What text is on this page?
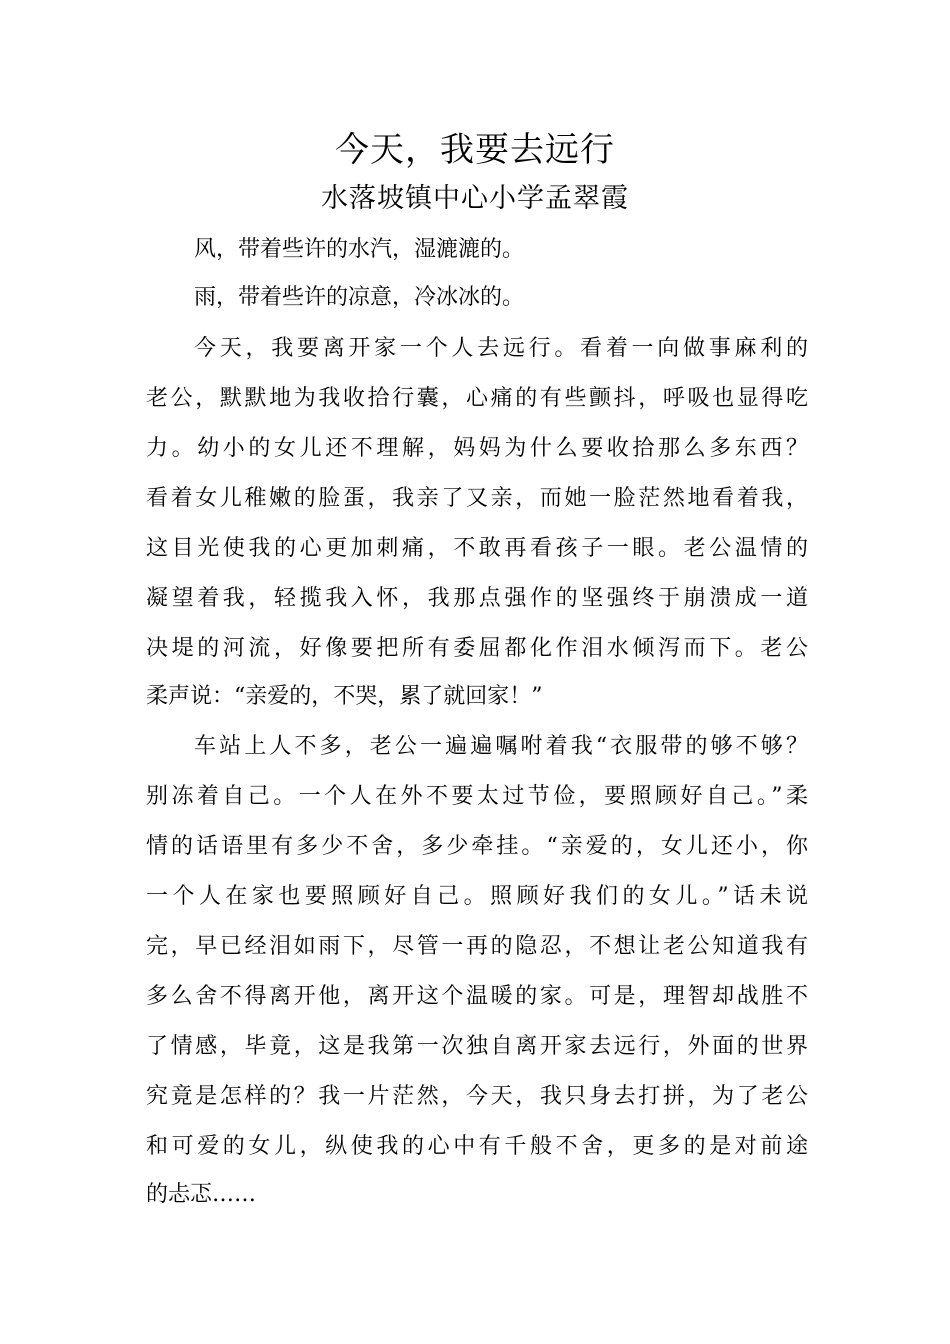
今天，我要去远行
水落坡镇中心小学孟翠霞
风，带着些许的水汽，湿漉漉的。
雨，带着些许的凉意，冷冰冰的。
今天，我要离开家一个人去远行。看着一向做事麻利的
老公，默默地为我收拾行囊，心痛的有些颤抖，呼吸也显得吃
力。幼小的女儿还不理解，妈妈为什么要收拾那么多东西？
看着女儿稚嫩的脸蛋，我亲了又亲，而她一脸茫然地看着我，
这目光使我的心更加刺痛，不敢再看孩子一眼。老公温情的
凝望着我，轻揽我入怀，我那点强作的坚强终于崩溃成一道
决堤的河流，好像要把所有委屈都化作泪水倾泻而下。老公
柔声说：“亲爱的，不哭，累了就回家！”
车站上人不多，老公一遍遍嘱咐着我“衣服带的够不够？
别冻着自己。一个人在外不要太过节俭，要照顾好自己。”柔
情的话语里有多少不舍，多少牵挂。“亲爱的，女儿还小，你
一个人在家也要照顾好自己。照顾好我们的女儿。”话未说
完，早已经泪如雨下，尽管一再的隐忍，不想让老公知道我有
多么舍不得离开他，离开这个温暖的家。可是，理智却战胜不
了情感，毕竟，这是我第一次独自离开家去远行，外面的世界
究竟是怎样的？我一片茫然，今天，我只身去打拼，为了老公
和可爱的女儿，纵使我的心中有千般不舍，更多的是对前途
的忐忑……
